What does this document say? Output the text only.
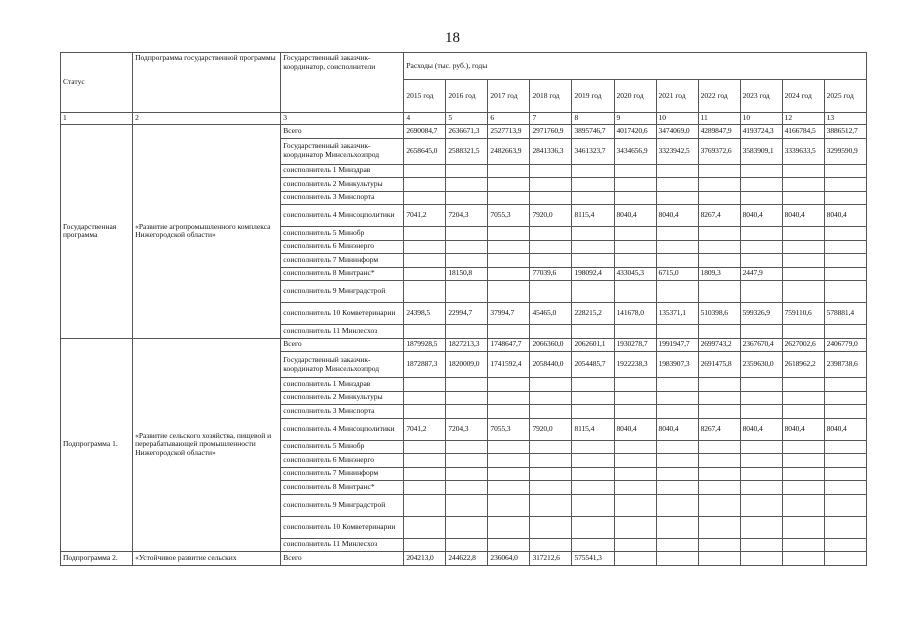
18
Статус	Подпрограмма государственной программы	Государственный заказчик-координатор, соисполнители	Расходы (тыс. руб.), годы										
			2015 год	2016 год	2017 год	2018 год	2019 год	2020 год	2021 год	2022 год	2023 год	2024 год	2025 год
1	2	3	4	5	6	7	8	9	10	11	10	12	13
Государственная программа	«Развитие агропромышленного комплекса Нижегородской области»	Всего	2690084,7	2636671,3	2527713,9	2971760,9	3895746,7	4017420,6	3474069,0	4289847,9	4193724,3	4166784,5	3886512,7
		Государственный заказчик-координатор Минсельхозпрод	2658645,0	2588321,5	2482663,9	2841336,3	3461323,7	3434656,9	3323942,5	3769372,6	3583909,1	3339633,5	3299590,9
		соисполнитель 1 Минздрав											
		соисполнитель 2 Минкультуры											
		соисполнитель 3 Минспорта											
		соисполнитель 4 Минсоцполитики	7041,2	7204,3	7055,3	7920,0	8115,4	8040,4	8040,4	8267,4	8040,4	8040,4	8040,4
		соисполнитель 5 Минобр											
		соисполнитель 6 Минэнерго											
		соисполнитель 7 Мининформ											
		соисполнитель 8 Минтранс*		18150,8		77039,6	198092,4	433045,3	6715,0	1809,3	2447,9		
		соисполнитель 9 Минградстрой											
		соисполнитель 10 Комветеринарии	24398,5	22994,7	37994,7	45465,0	228215,2	141678,0	135371,1	510398,6	599326,9	759110,6	578881,4
		соисполнитель 11 Минлесхоз											
Подпрограмма 1.	«Развитие сельского хозяйства, пищевой и перерабатывающей промышленности Нижегородской области»	Всего	1879928,5	1827213,3	1748647,7	2066360,0	2062601,1	1930278,7	1991947,7	2699743,2	2367670,4	2627002,6	2406779,0
		Государственный заказчик-координатор Минсельхозпрод	1872887,3	1820009,0	1741592,4	2058440,0	2054485,7	1922238,3	1983907,3	2691475,8	2359630,0	2618962,2	2398738,6
		соисполнитель 1 Минздрав											
		соисполнитель 2 Минкультуры											
		соисполнитель 3 Минспорта											
		соисполнитель 4 Минсоцполитики	7041,2	7204,3	7055,3	7920,0	8115,4	8040,4	8040,4	8267,4	8040,4	8040,4	8040,4
		соисполнитель 5 Минобр											
		соисполнитель 6 Минэнерго											
		соисполнитель 7 Мининформ											
		соисполнитель 8 Минтранс*											
		соисполнитель 9 Минградстрой											
		соисполнитель 10 Комветеринарии											
		соисполнитель 11 Минлесхоз											
Подпрограмма 2.	«Устойчивое развитие сельских	Всего	204213,0	244622,8	236064,0	317212,6	575541,3						
